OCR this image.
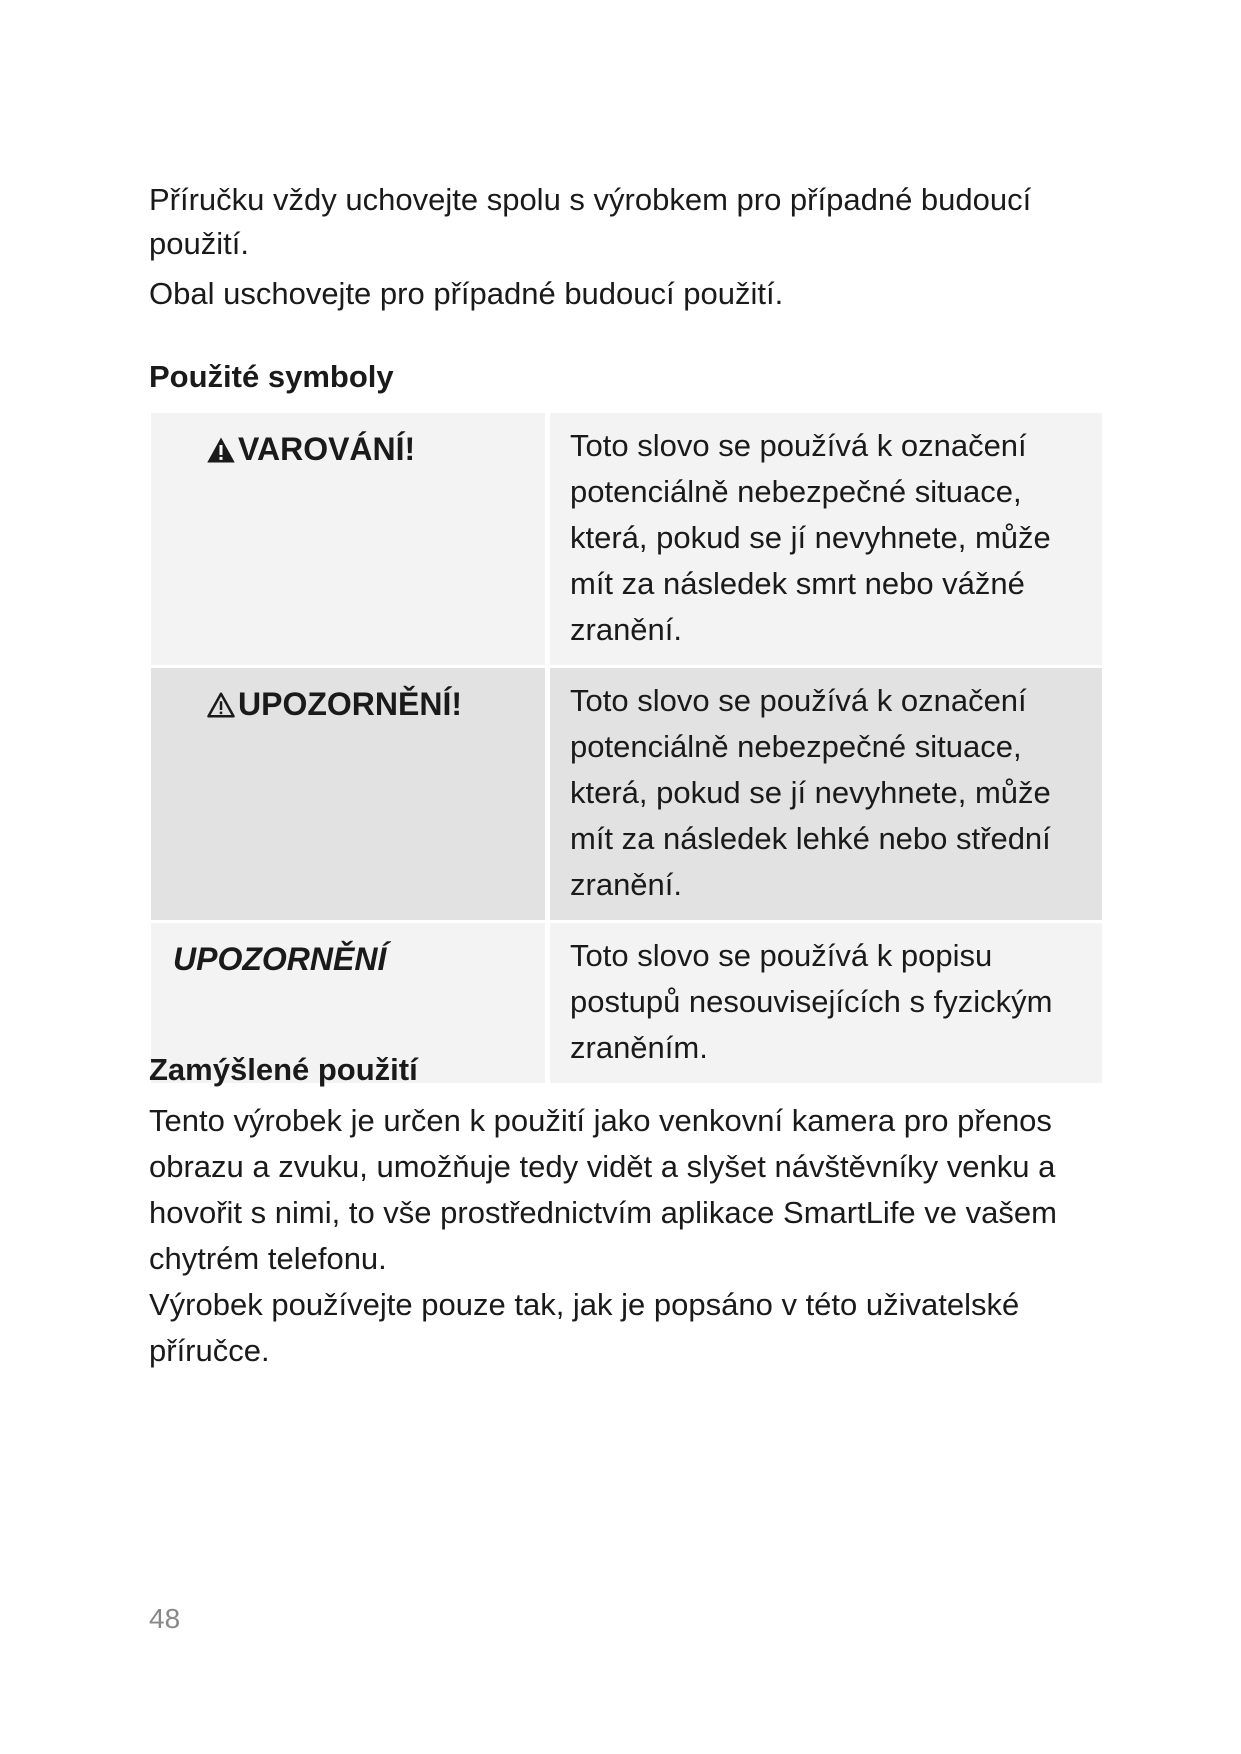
Příručku vždy uchovejte spolu s výrobkem pro případné budoucí použití.

Obal uschovejte pro případné budoucí použití.

Použité symboly
VAROVÁNÍ!	Toto slovo se používá k označení potenciálně nebezpečné situace, která, pokud se jí nevyhnete, může mít za následek smrt nebo vážné zranění.
UPOZORNĚNÍ!	Toto slovo se používá k označení potenciálně nebezpečné situace, která, pokud se jí nevyhnete, může mít za následek lehké nebo střední zranění.
UPOZORNĚNÍ	Toto slovo se používá k popisu postupů nesouvisejících s fyzickým zraněním.
Zamýšlené použití

Tento výrobek je určen k použití jako venkovní kamera pro přenos obrazu a zvuku, umožňuje tedy vidět a slyšet návštěvníky venku a hovořit s nimi, to vše prostřednictvím aplikace SmartLife ve vašem chytrém telefonu.

Výrobek používejte pouze tak, jak je popsáno v této uživatelské příručce.

48
